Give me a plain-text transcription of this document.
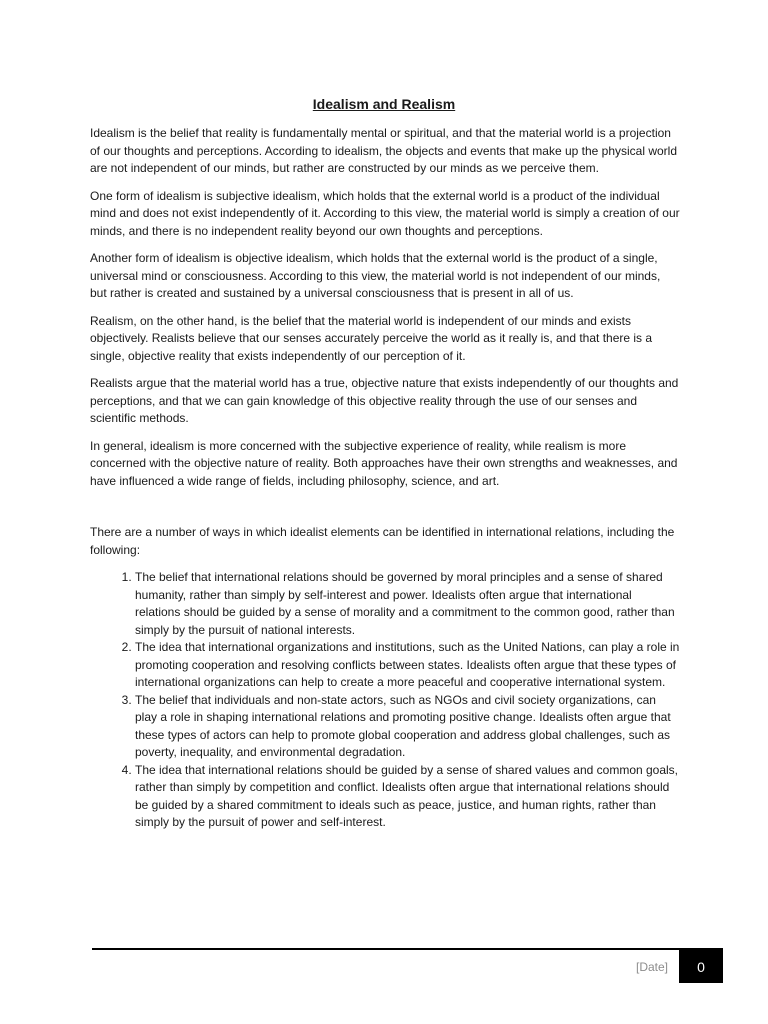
Idealism and Realism

Idealism is the belief that reality is fundamentally mental or spiritual, and that the material world is a projection of our thoughts and perceptions. According to idealism, the objects and events that make up the physical world are not independent of our minds, but rather are constructed by our minds as we perceive them.

One form of idealism is subjective idealism, which holds that the external world is a product of the individual mind and does not exist independently of it. According to this view, the material world is simply a creation of our minds, and there is no independent reality beyond our own thoughts and perceptions.

Another form of idealism is objective idealism, which holds that the external world is the product of a single, universal mind or consciousness. According to this view, the material world is not independent of our minds, but rather is created and sustained by a universal consciousness that is present in all of us.

Realism, on the other hand, is the belief that the material world is independent of our minds and exists objectively. Realists believe that our senses accurately perceive the world as it really is, and that there is a single, objective reality that exists independently of our perception of it.

Realists argue that the material world has a true, objective nature that exists independently of our thoughts and perceptions, and that we can gain knowledge of this objective reality through the use of our senses and scientific methods.

In general, idealism is more concerned with the subjective experience of reality, while realism is more concerned with the objective nature of reality. Both approaches have their own strengths and weaknesses, and have influenced a wide range of fields, including philosophy, science, and art.

There are a number of ways in which idealist elements can be identified in international relations, including the following:

1. The belief that international relations should be governed by moral principles and a sense of shared humanity, rather than simply by self-interest and power. Idealists often argue that international relations should be guided by a sense of morality and a commitment to the common good, rather than simply by the pursuit of national interests.
2. The idea that international organizations and institutions, such as the United Nations, can play a role in promoting cooperation and resolving conflicts between states. Idealists often argue that these types of international organizations can help to create a more peaceful and cooperative international system.
3. The belief that individuals and non-state actors, such as NGOs and civil society organizations, can play a role in shaping international relations and promoting positive change. Idealists often argue that these types of actors can help to promote global cooperation and address global challenges, such as poverty, inequality, and environmental degradation.
4. The idea that international relations should be guided by a sense of shared values and common goals, rather than simply by competition and conflict. Idealists often argue that international relations should be guided by a shared commitment to ideals such as peace, justice, and human rights, rather than simply by the pursuit of power and self-interest.
[Date]	0
